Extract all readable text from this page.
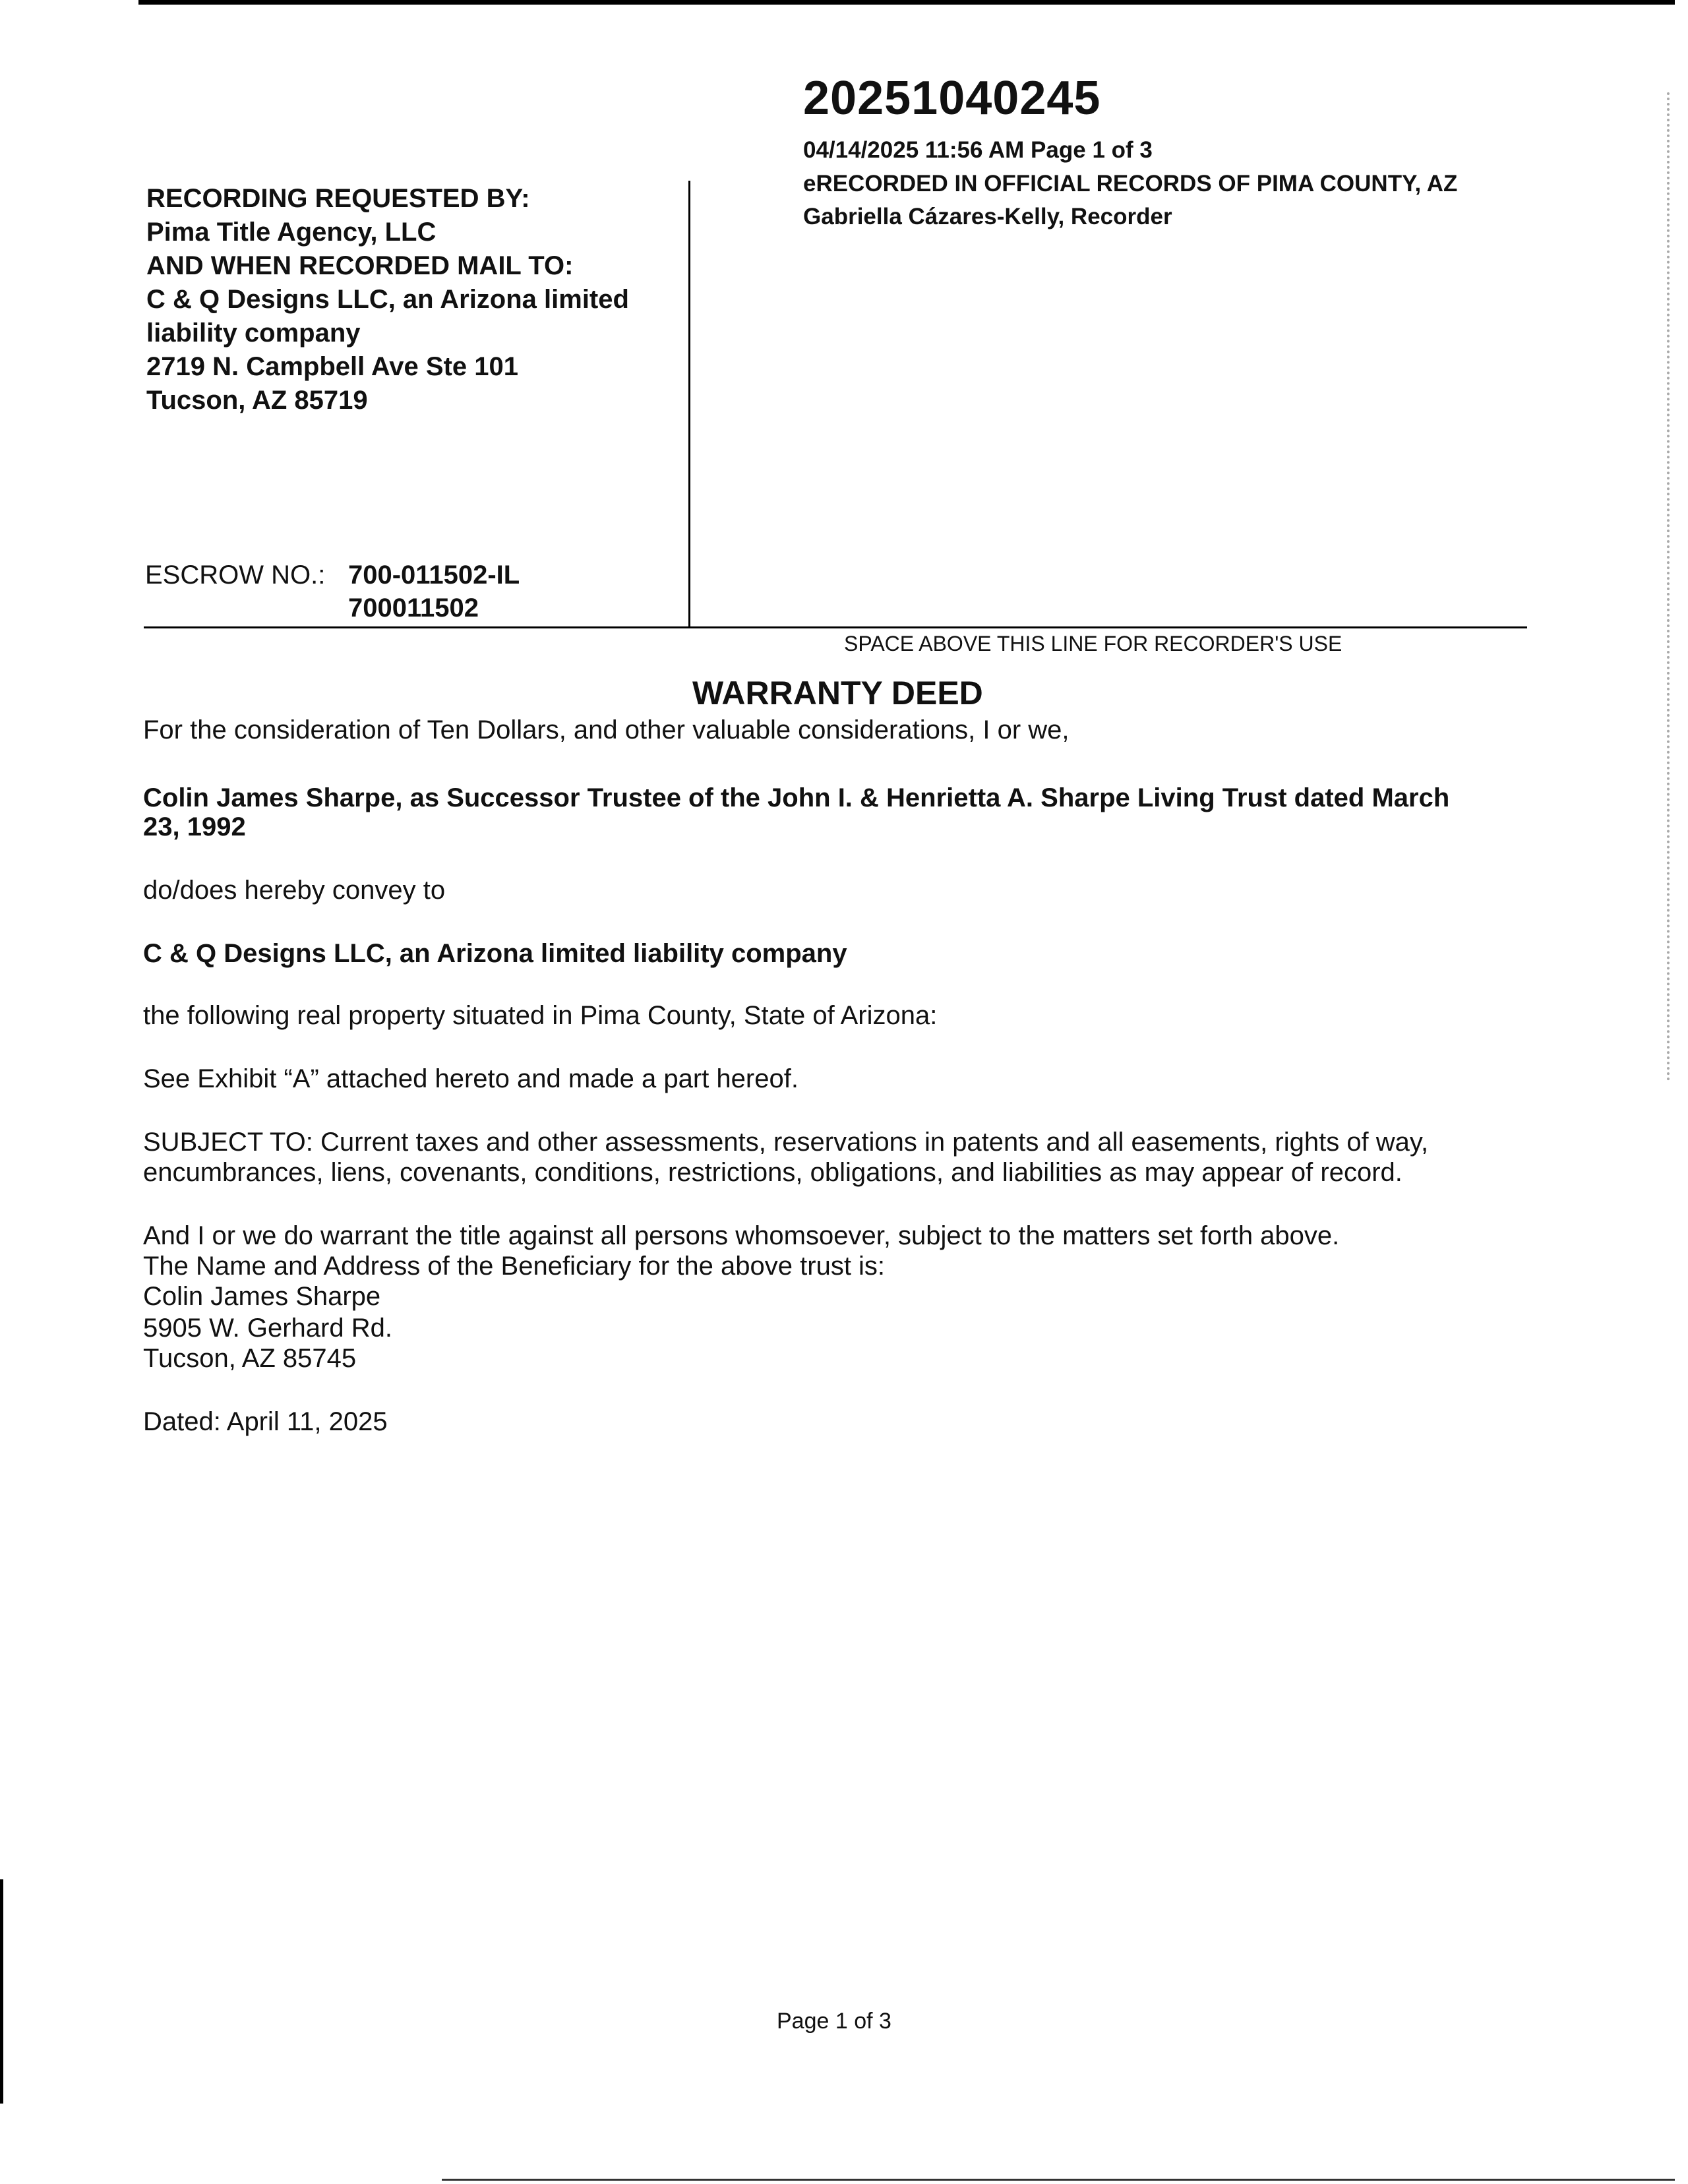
20251040245
04/14/2025 11:56 AM Page 1 of 3
eRECORDED IN OFFICIAL RECORDS OF PIMA COUNTY, AZ
Gabriella Cázares-Kelly, Recorder
RECORDING REQUESTED BY:
Pima Title Agency, LLC
AND WHEN RECORDED MAIL TO:
C & Q Designs LLC, an Arizona limited
liability company
2719 N. Campbell Ave Ste 101
Tucson, AZ 85719
ESCROW NO.: 700-011502-IL
700011502
SPACE ABOVE THIS LINE FOR RECORDER'S USE
WARRANTY DEED
For the consideration of Ten Dollars, and other valuable considerations, I or we,
Colin James Sharpe, as Successor Trustee of the John I. & Henrietta A. Sharpe Living Trust dated March
23, 1992
do/does hereby convey to
C & Q Designs LLC, an Arizona limited liability company
the following real property situated in Pima County, State of Arizona:
See Exhibit “A” attached hereto and made a part hereof.
SUBJECT TO: Current taxes and other assessments, reservations in patents and all easements, rights of way,
encumbrances, liens, covenants, conditions, restrictions, obligations, and liabilities as may appear of record.
And I or we do warrant the title against all persons whomsoever, subject to the matters set forth above.
The Name and Address of the Beneficiary for the above trust is:
Colin James Sharpe
5905 W. Gerhard Rd.
Tucson, AZ 85745
Dated: April 11, 2025
Page 1 of 3
